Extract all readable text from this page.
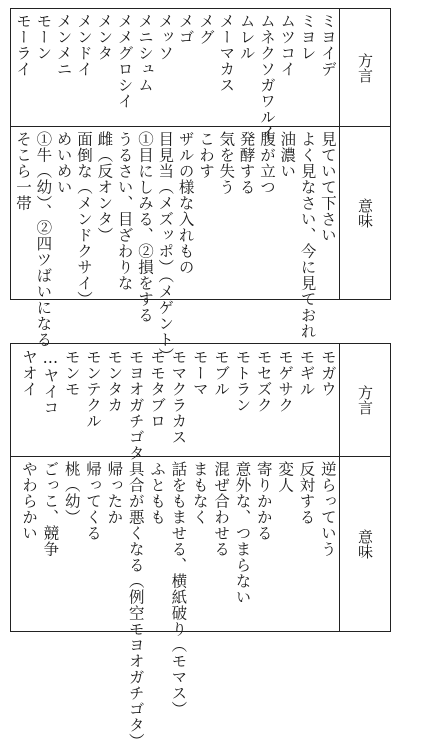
方言
意味
ミヨイデ
ミヨレ
ムツコイ
ムネクソガワルイ
ムレル
メーマカス
メグ
メゴ
メッソ
メニシュム
メメグロシイ
メンタ
メンドイ
メンメニ
モーン
モーライ
見ていて下さい
よく見なさい、今に見ておれ
油濃い
腹が立つ
発酵する
気を失う
こわす
ザルの様な入れもの
目見当（メズッポ）（メゲント）
①目にしみる、②損をする
うるさい、目ざわりな
雌（反オンタ）
面倒な（メンドクサイ）
めいめい
①牛（幼）、②四ツばいになる
そこら一帯
方言
意味
モガウ
モギル
モゲサク
モセズク
モトラン
モブル
モーマ
モマクラカス
モモタブロ
モヨオガチゴタ
モンタカ
モンテクル
モンモ
…ヤイコ
ヤオイ
逆らっていう
反対する
変人
寄りかかる
意外な、つまらない
混ぜ合わせる
まもなく
話をもませる、横紙破り（モマス）
ふともも
具合が悪くなる（例空モヨオガチゴタ）
帰ったか
帰ってくる
桃（幼）
ごっこ、競争
やわらかい
